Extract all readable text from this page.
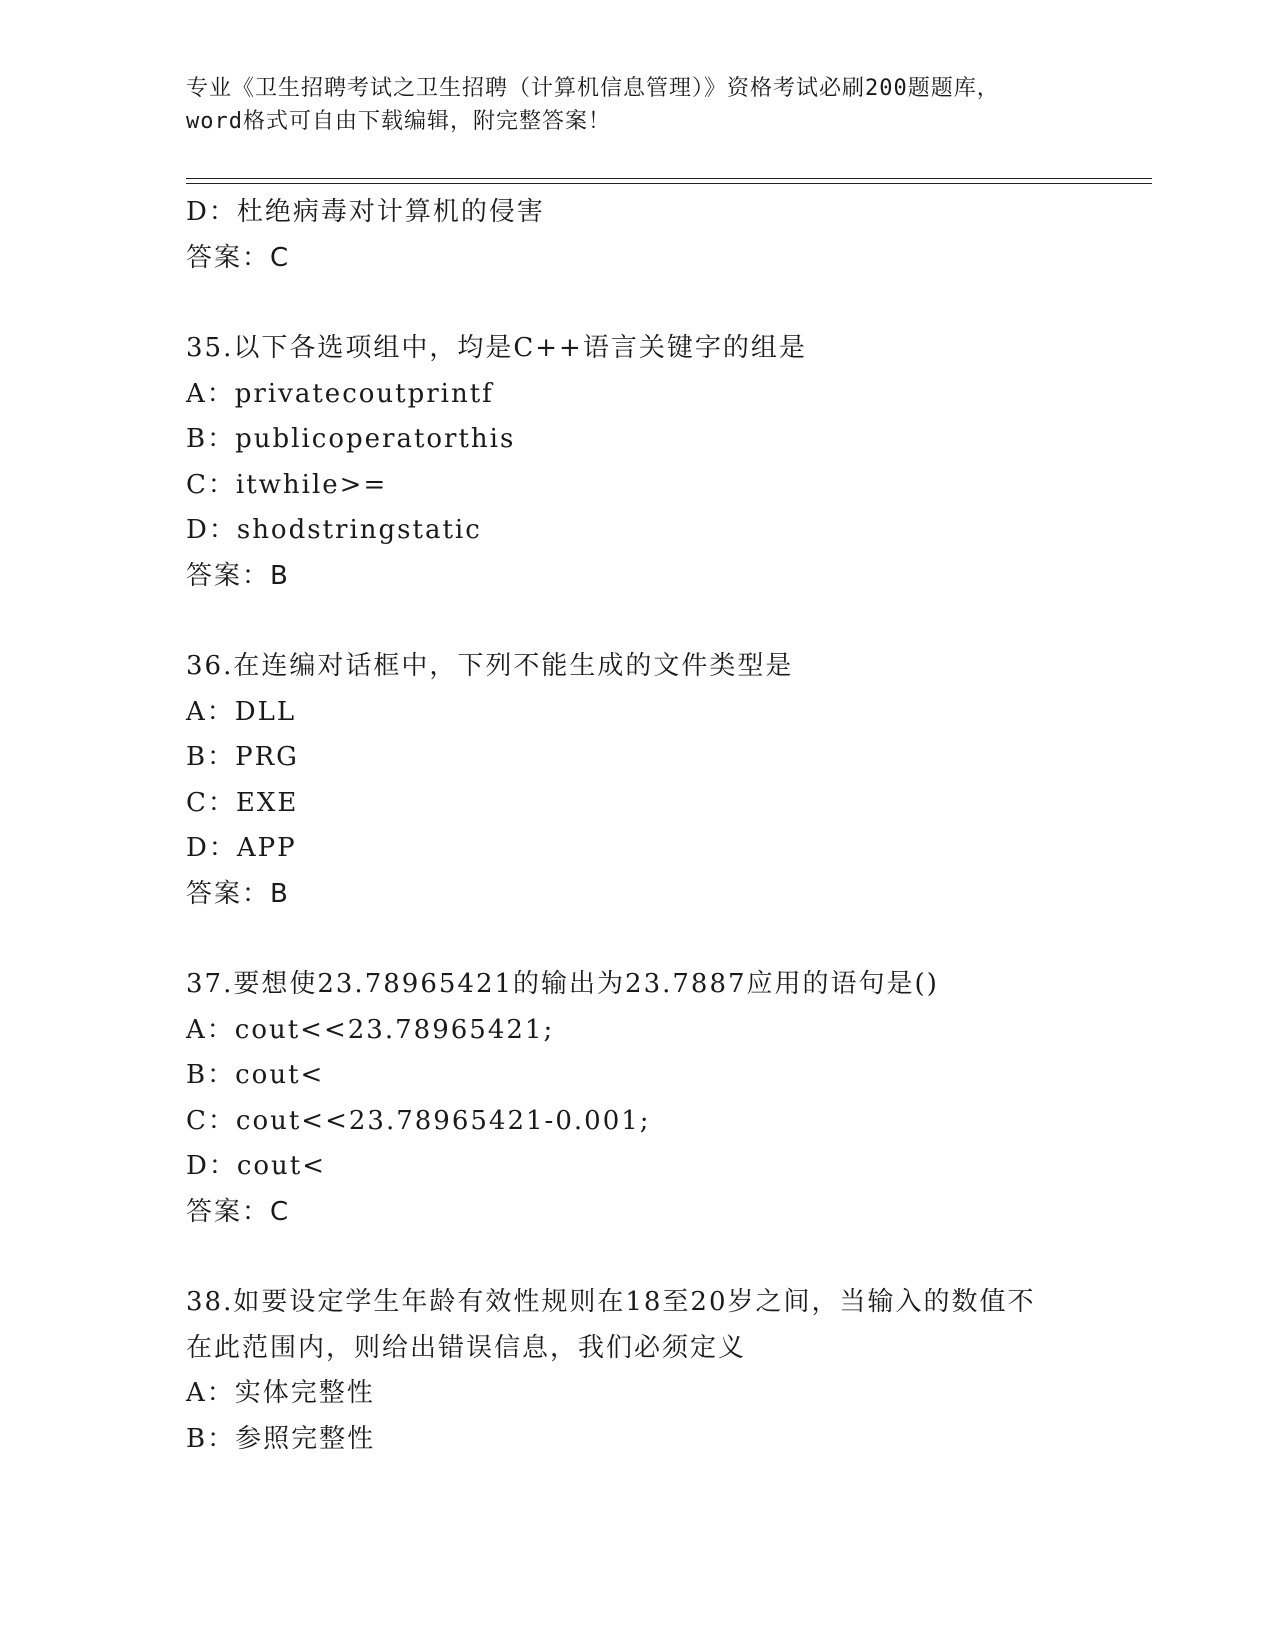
专业《卫生招聘考试之卫生招聘（计算机信息管理）》资格考试必刷200题题库，
word格式可自由下载编辑，附完整答案！
D：杜绝病毒对计算机的侵害
答案：C
35.以下各选项组中，均是C++语言关键字的组是
A：privatecoutprintf
B：publicoperatorthis
C：itwhile>=
D：shodstringstatic
答案：B
36.在连编对话框中，下列不能生成的文件类型是
A：DLL
B：PRG
C：EXE
D：APP
答案：B
37.要想使23.78965421的输出为23.7887应用的语句是()
A：cout<<23.78965421;
B：cout<
C：cout<<23.78965421-0.001;
D：cout<
答案：C
38.如要设定学生年龄有效性规则在18至20岁之间，当输入的数值不
在此范围内，则给出错误信息，我们必须定义
A：实体完整性
B：参照完整性
